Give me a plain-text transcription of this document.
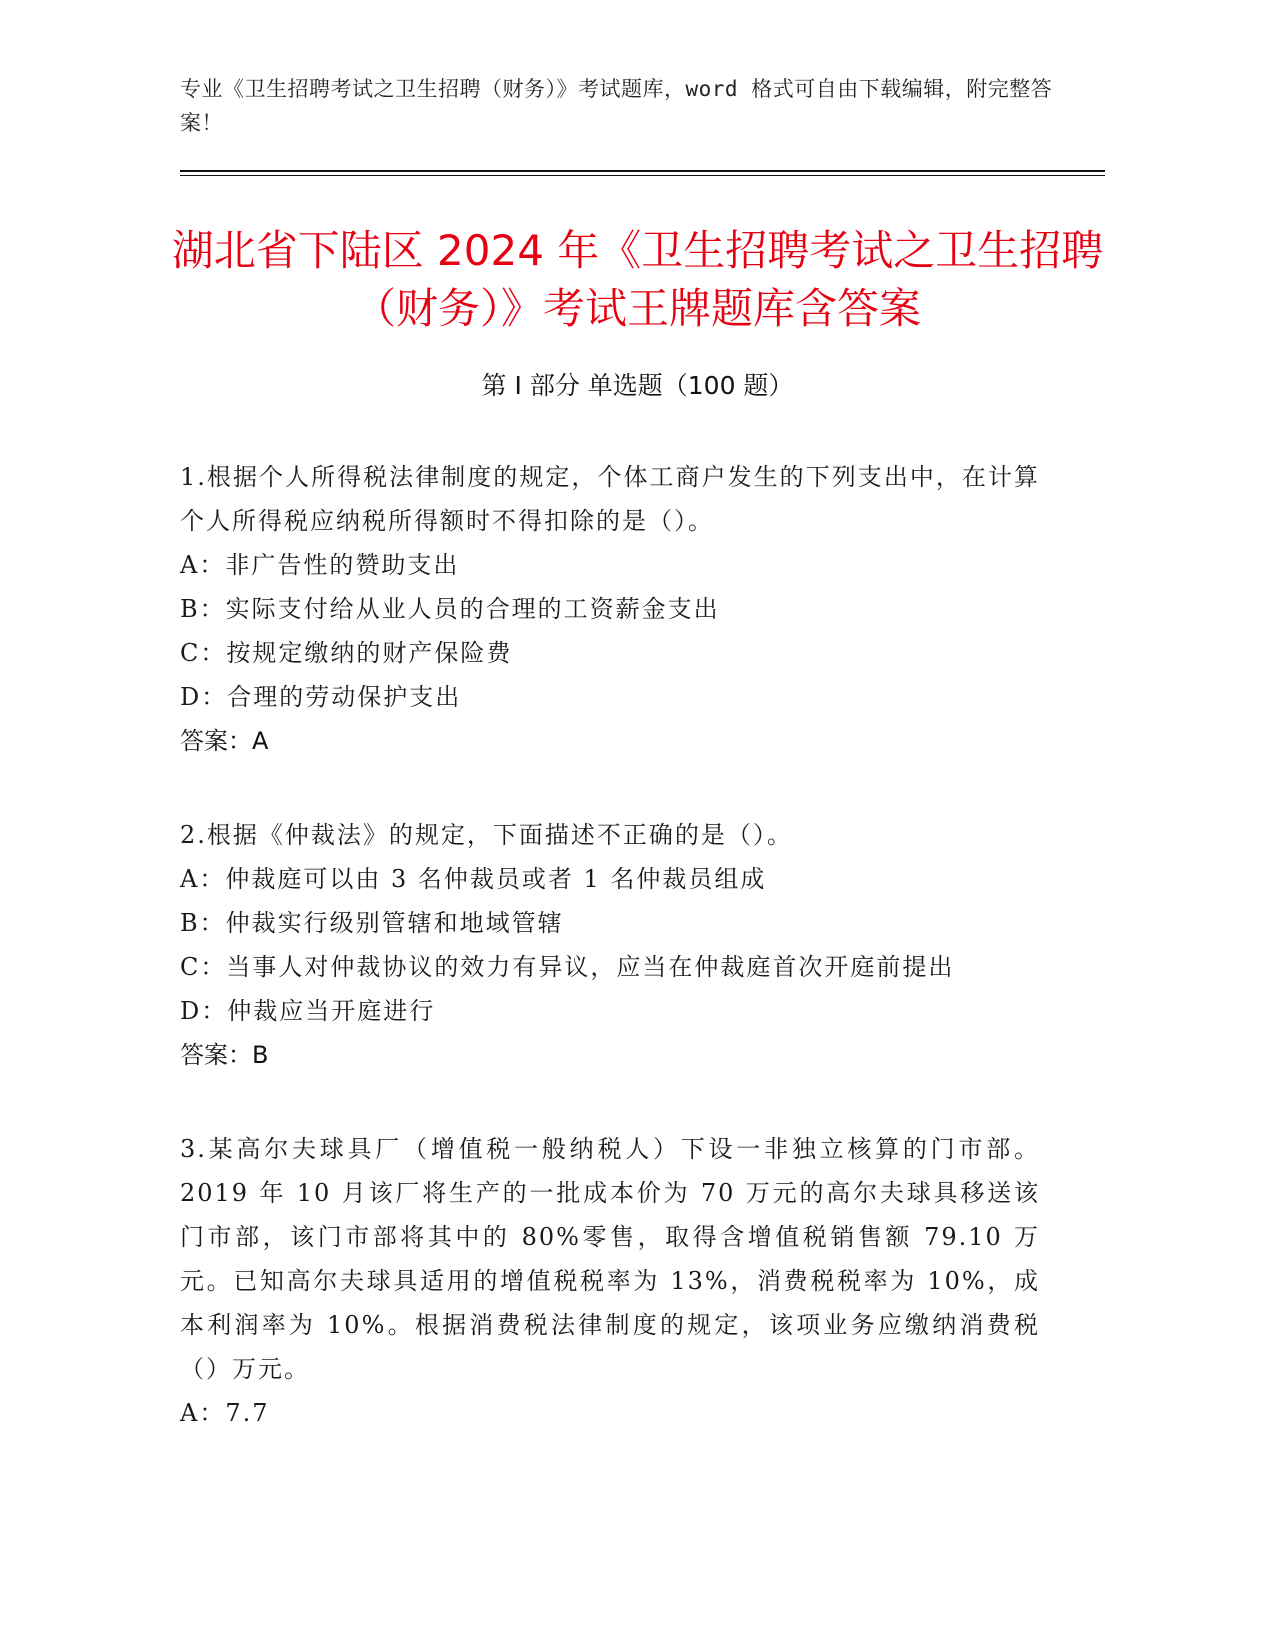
专业《卫生招聘考试之卫生招聘（财务）》考试题库，word 格式可自由下载编辑，附完整答案！
湖北省下陆区 2024 年《卫生招聘考试之卫生招聘（财务）》考试王牌题库含答案
第 I 部分 单选题（100 题）
1.根据个人所得税法律制度的规定，个体工商户发生的下列支出中，在计算个人所得税应纳税所得额时不得扣除的是（）。
A：非广告性的赞助支出
B：实际支付给从业人员的合理的工资薪金支出
C：按规定缴纳的财产保险费
D：合理的劳动保护支出
答案：A
2.根据《仲裁法》的规定，下面描述不正确的是（）。
A：仲裁庭可以由 3 名仲裁员或者 1 名仲裁员组成
B：仲裁实行级别管辖和地域管辖
C：当事人对仲裁协议的效力有异议，应当在仲裁庭首次开庭前提出
D：仲裁应当开庭进行
答案：B
3.某高尔夫球具厂（增值税一般纳税人）下设一非独立核算的门市部。2019 年 10 月该厂将生产的一批成本价为 70 万元的高尔夫球具移送该门市部，该门市部将其中的 80%零售，取得含增值税销售额 79.10 万元。已知高尔夫球具适用的增值税税率为 13%，消费税税率为 10%，成本利润率为 10%。根据消费税法律制度的规定，该项业务应缴纳消费税（）万元。
A：7.7
